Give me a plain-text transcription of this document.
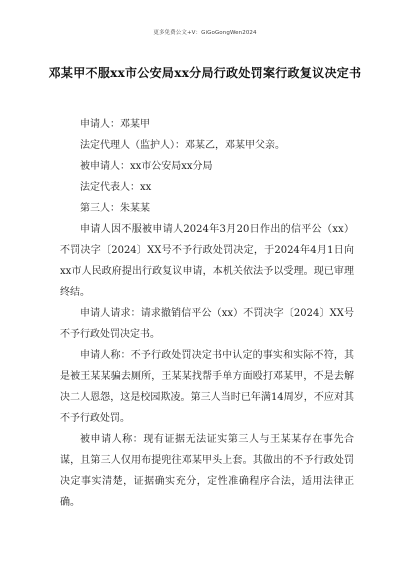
更多免费公文+Ⅴ：GiGoGongWen2024
邓某甲不服xx市公安局xx分局行政处罚案行政复议决定书

申请人：邓某甲

法定代理人（监护人）：邓某乙，邓某甲父亲。

被申请人：xx市公安局xx分局

法定代表人：xx

第三人：朱某某

申请人因不服被申请人2024年3月20日作出的信平公（xx）不罚决字〔2024〕XX号不予行政处罚决定，于2024年4月1日向xx市人民政府提出行政复议申请，本机关依法予以受理。现已审理终结。

申请人请求：请求撤销信平公（xx）不罚决字〔2024〕XX号不予行政处罚决定书。

申请人称：不予行政处罚决定书中认定的事实和实际不符，其是被王某某骗去厕所，王某某找帮手单方面殴打邓某甲，不是去解决二人恩怨，这是校园欺凌。第三人当时已年满14周岁，不应对其不予行政处罚。

被申请人称：现有证据无法证实第三人与王某某存在事先合谋，且第三人仅用布提兜往邓某甲头上套。其做出的不予行政处罚决定事实清楚，证据确实充分，定性准确程序合法，适用法律正确。
